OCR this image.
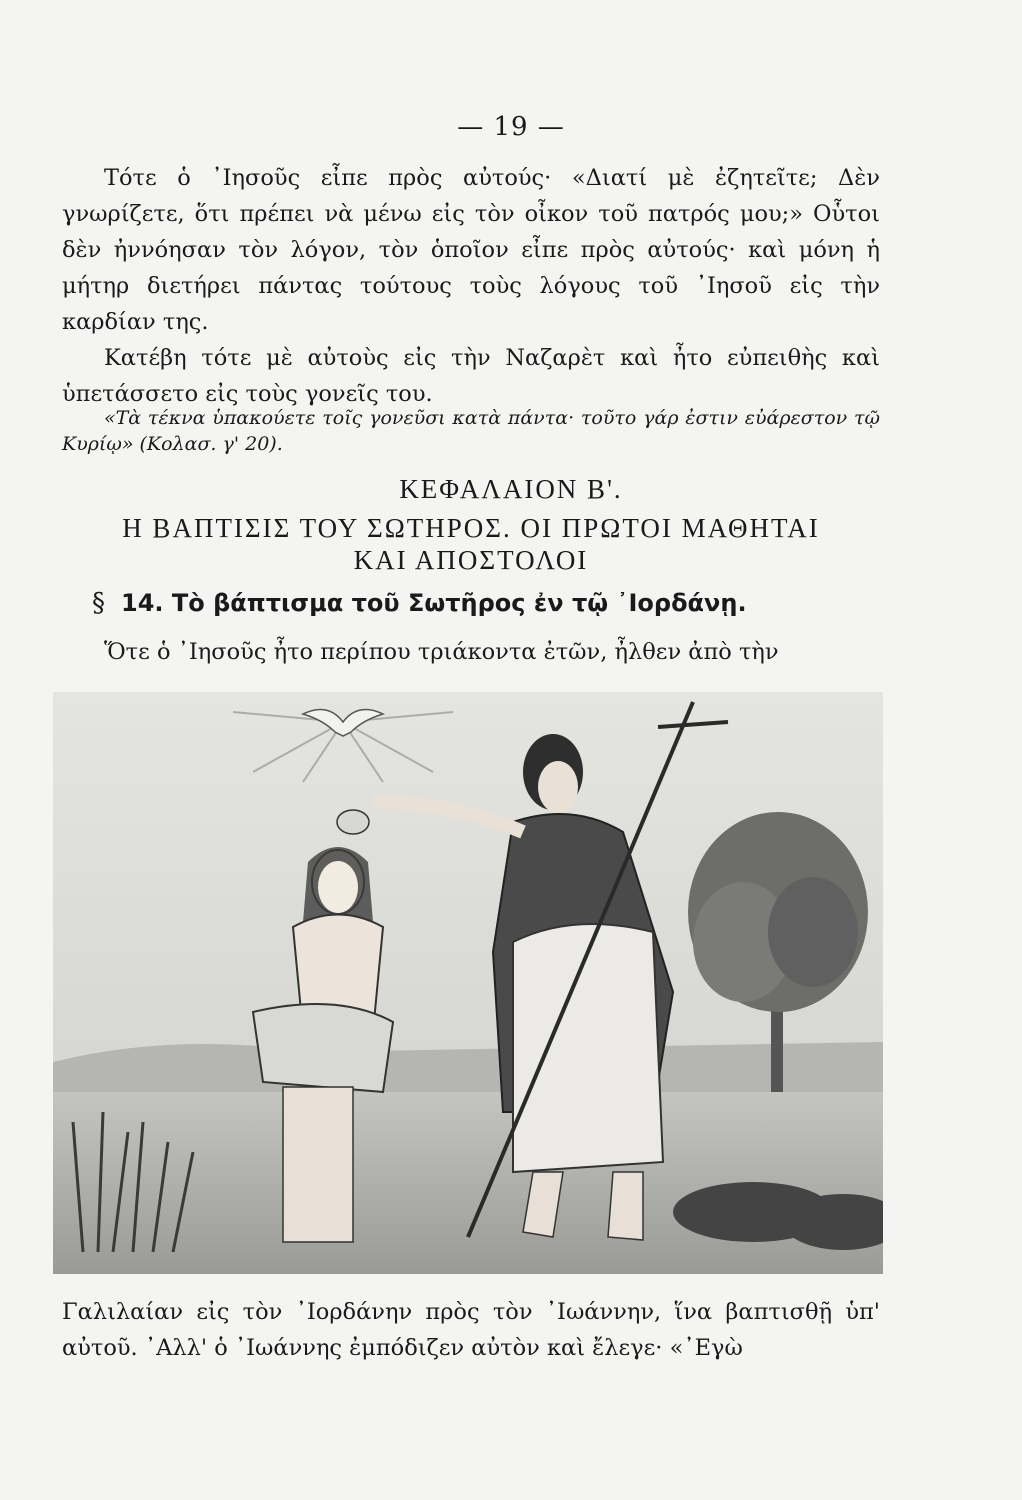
— 19 —

Τότε ὁ ᾿Ιησοῦς εἶπε πρὸς αὐτούς· «Διατί μὲ ἐζητεῖτε; Δὲν γνωρίζετε, ὅτι πρέπει νὰ μένω εἰς τὸν οἶκον τοῦ πατρός μου;» Οὗτοι δὲν ἠννόησαν τὸν λόγον, τὸν ὁποῖον εἶπε πρὸς αὐτούς· καὶ μόνη ἡ μήτηρ διετήρει πάντας τούτους τοὺς λόγους τοῦ ᾿Ιησοῦ εἰς τὴν καρδίαν της.

Κατέβη τότε μὲ αὐτοὺς εἰς τὴν Ναζαρὲτ καὶ ἦτο εὐπειθὴς καὶ ὑπετάσσετο εἰς τοὺς γονεῖς του.

«Τὰ τέκνα ὑπακούετε τοῖς γονεῦσι κατὰ πάντα· τοῦτο γάρ ἐστιν εὐάρεστον τῷ Κυρίῳ» (Κολασ. γ' 20).
ΚΕΦΑΛΑΙΟΝ Β'.
Η ΒΑΠΤΙΣΙΣ ΤΟΥ ΣΩΤΗΡΟΣ. ΟΙ ΠΡΩΤΟΙ ΜΑΘΗΤΑΙ
ΚΑΙ ΑΠΟΣΤΟΛΟΙ
§ 14. Τὸ βάπτισμα τοῦ Σωτῆρος ἐν τῷ ᾿Ιορδάνῃ.

Ὅτε ὁ ᾿Ιησοῦς ἦτο περίπου τριάκοντα ἐτῶν, ἦλθεν ἀπὸ τὴν

Γαλιλαίαν εἰς τὸν ᾿Ιορδάνην πρὸς τὸν ᾿Ιωάννην, ἵνα βαπτισθῇ ὑπ' αὐτοῦ. ᾿Αλλ' ὁ ᾿Ιωάννης ἐμπόδιζεν αὐτὸν καὶ ἔλεγε· «᾿Εγὼ
